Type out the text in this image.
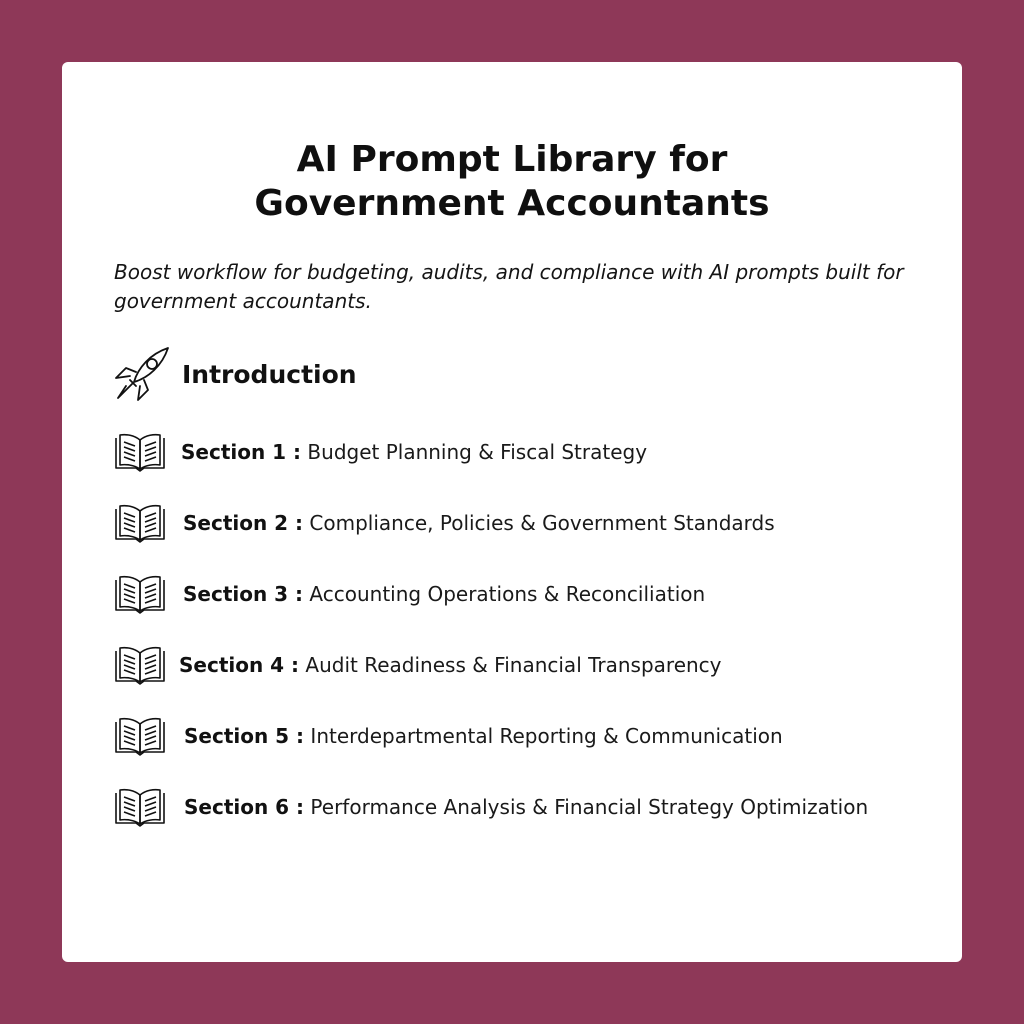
AI Prompt Library for
Government Accountants

Boost workflow for budgeting, audits, and compliance with AI prompts built for government accountants.

Introduction
Section 1 : Budget Planning & Fiscal Strategy
Section 2 : Compliance, Policies & Government Standards
Section 3 : Accounting Operations & Reconciliation
Section 4 : Audit Readiness & Financial Transparency
Section 5 : Interdepartmental Reporting & Communication
Section 6 : Performance Analysis & Financial Strategy Optimization
